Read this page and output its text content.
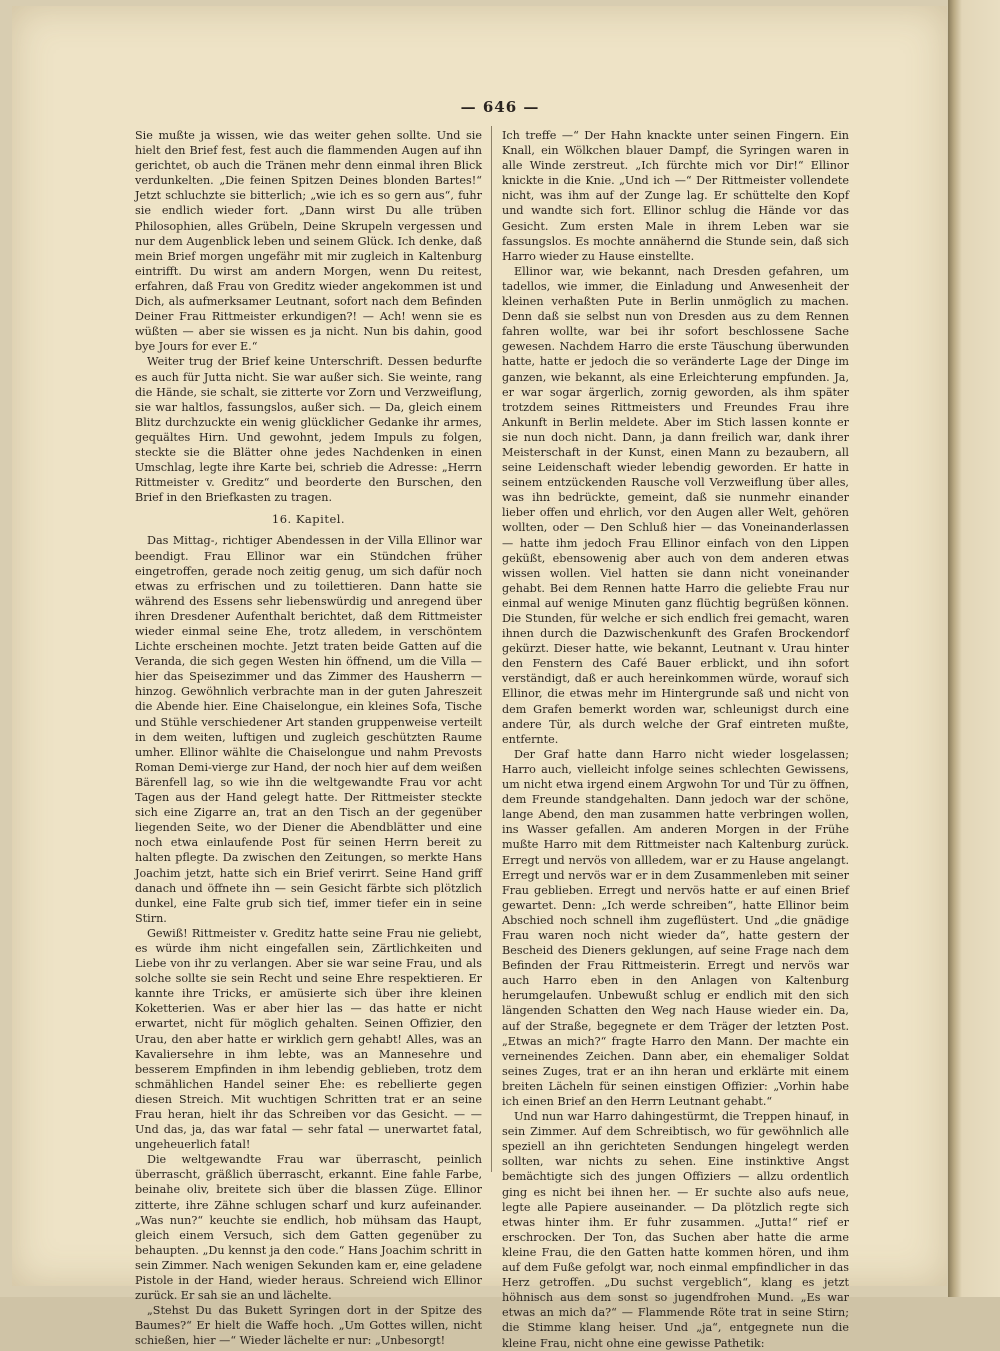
— 646 —

Sie mußte ja wissen, wie das weiter gehen sollte. Und sie hielt den Brief fest, fest auch die flammenden Augen auf ihn gerichtet, ob auch die Tränen mehr denn einmal ihren Blick verdunkelten. „Die feinen Spitzen Deines blonden Bartes!“ Jetzt schluchzte sie bitterlich; „wie ich es so gern aus“, fuhr sie endlich wieder fort. „Dann wirst Du alle trüben Philosophien, alles Grübeln, Deine Skrupeln vergessen und nur dem Augenblick leben und seinem Glück. Ich denke, daß mein Brief morgen ungefähr mit mir zugleich in Kaltenburg eintrifft. Du wirst am andern Morgen, wenn Du reitest, erfahren, daß Frau von Greditz wieder angekommen ist und Dich, als aufmerksamer Leutnant, sofort nach dem Befinden Deiner Frau Rittmeister erkundigen?! — Ach! wenn sie es wüßten — aber sie wissen es ja nicht. Nun bis dahin, good bye Jours for ever E.“

Weiter trug der Brief keine Unterschrift. Dessen bedurfte es auch für Jutta nicht. Sie war außer sich. Sie weinte, rang die Hände, sie schalt, sie zitterte vor Zorn und Verzweiflung, sie war haltlos, fassungslos, außer sich. — Da, gleich einem Blitz durchzuckte ein wenig glücklicher Gedanke ihr armes, gequältes Hirn. Und gewohnt, jedem Impuls zu folgen, steckte sie die Blätter ohne jedes Nachdenken in einen Umschlag, legte ihre Karte bei, schrieb die Adresse: „Herrn Rittmeister v. Greditz“ und beorderte den Burschen, den Brief in den Briefkasten zu tragen.

16. Kapitel.

Das Mittag-, richtiger Abendessen in der Villa Ellinor war beendigt. Frau Ellinor war ein Stündchen früher eingetroffen, gerade noch zeitig genug, um sich dafür noch etwas zu erfrischen und zu toilettieren. Dann hatte sie während des Essens sehr liebenswürdig und anregend über ihren Dresdener Aufenthalt berichtet, daß dem Rittmeister wieder einmal seine Ehe, trotz alledem, in verschöntem Lichte erscheinen mochte. Jetzt traten beide Gatten auf die Veranda, die sich gegen Westen hin öffnend, um die Villa — hier das Speisezimmer und das Zimmer des Hausherrn — hinzog. Gewöhnlich verbrachte man in der guten Jahreszeit die Abende hier. Eine Chaiselongue, ein kleines Sofa, Tische und Stühle verschiedener Art standen gruppenweise verteilt in dem weiten, luftigen und zugleich geschützten Raume umher. Ellinor wählte die Chaiselongue und nahm Prevosts Roman Demi-vierge zur Hand, der noch hier auf dem weißen Bärenfell lag, so wie ihn die weltgewandte Frau vor acht Tagen aus der Hand gelegt hatte. Der Rittmeister steckte sich eine Zigarre an, trat an den Tisch an der gegenüber liegenden Seite, wo der Diener die Abendblätter und eine noch etwa einlaufende Post für seinen Herrn bereit zu halten pflegte. Da zwischen den Zeitungen, so merkte Hans Joachim jetzt, hatte sich ein Brief verirrt. Seine Hand griff danach und öffnete ihn — sein Gesicht färbte sich plötzlich dunkel, eine Falte grub sich tief, immer tiefer ein in seine Stirn.

Gewiß! Rittmeister v. Greditz hatte seine Frau nie geliebt, es würde ihm nicht eingefallen sein, Zärtlichkeiten und Liebe von ihr zu verlangen. Aber sie war seine Frau, und als solche sollte sie sein Recht und seine Ehre respektieren. Er kannte ihre Tricks, er amüsierte sich über ihre kleinen Koketterien. Was er aber hier las — das hatte er nicht erwartet, nicht für möglich gehalten. Seinen Offizier, den Urau, den aber hatte er wirklich gern gehabt! Alles, was an Kavaliersehre in ihm lebte, was an Mannesehre und besserem Empfinden in ihm lebendig geblieben, trotz dem schmählichen Handel seiner Ehe: es rebellierte gegen diesen Streich. Mit wuchtigen Schritten trat er an seine Frau heran, hielt ihr das Schreiben vor das Gesicht. — — Und das, ja, das war fatal — sehr fatal — unerwartet fatal, ungeheuerlich fatal!

Die weltgewandte Frau war überrascht, peinlich überrascht, gräßlich überrascht, erkannt. Eine fahle Farbe, beinahe oliv, breitete sich über die blassen Züge. Ellinor zitterte, ihre Zähne schlugen scharf und kurz aufeinander. „Was nun?“ keuchte sie endlich, hob mühsam das Haupt, gleich einem Versuch, sich dem Gatten gegenüber zu behaupten. „Du kennst ja den code.“ Hans Joachim schritt in sein Zimmer. Nach wenigen Sekunden kam er, eine geladene Pistole in der Hand, wieder heraus. Schreiend wich Ellinor zurück. Er sah sie an und lächelte.

„Stehst Du das Bukett Syringen dort in der Spitze des Baumes?“ Er hielt die Waffe hoch. „Um Gottes willen, nicht schießen, hier —“ Wieder lächelte er nur: „Unbesorgt!

Ich treffe —“ Der Hahn knackte unter seinen Fingern. Ein Knall, ein Wölkchen blauer Dampf, die Syringen waren in alle Winde zerstreut. „Ich fürchte mich vor Dir!“ Ellinor knickte in die Knie. „Und ich —“ Der Rittmeister vollendete nicht, was ihm auf der Zunge lag. Er schüttelte den Kopf und wandte sich fort. Ellinor schlug die Hände vor das Gesicht. Zum ersten Male in ihrem Leben war sie fassungslos. Es mochte annähernd die Stunde sein, daß sich Harro wieder zu Hause einstellte.

Ellinor war, wie bekannt, nach Dresden gefahren, um tadellos, wie immer, die Einladung und Anwesenheit der kleinen verhaßten Pute in Berlin unmöglich zu machen. Denn daß sie selbst nun von Dresden aus zu dem Rennen fahren wollte, war bei ihr sofort beschlossene Sache gewesen. Nachdem Harro die erste Täuschung überwunden hatte, hatte er jedoch die so veränderte Lage der Dinge im ganzen, wie bekannt, als eine Erleichterung empfunden. Ja, er war sogar ärgerlich, zornig geworden, als ihm später trotzdem seines Rittmeisters und Freundes Frau ihre Ankunft in Berlin meldete. Aber im Stich lassen konnte er sie nun doch nicht. Dann, ja dann freilich war, dank ihrer Meisterschaft in der Kunst, einen Mann zu bezaubern, all seine Leidenschaft wieder lebendig geworden. Er hatte in seinem entzückenden Rausche voll Verzweiflung über alles, was ihn bedrückte, gemeint, daß sie nunmehr einander lieber offen und ehrlich, vor den Augen aller Welt, gehören wollten, oder — Den Schluß hier — das Voneinanderlassen — hatte ihm jedoch Frau Ellinor einfach von den Lippen geküßt, ebensowenig aber auch von dem anderen etwas wissen wollen. Viel hatten sie dann nicht voneinander gehabt. Bei dem Rennen hatte Harro die geliebte Frau nur einmal auf wenige Minuten ganz flüchtig begrüßen können. Die Stunden, für welche er sich endlich frei gemacht, waren ihnen durch die Dazwischenkunft des Grafen Brockendorf gekürzt. Dieser hatte, wie bekannt, Leutnant v. Urau hinter den Fenstern des Café Bauer erblickt, und ihn sofort verständigt, daß er auch hereinkommen würde, worauf sich Ellinor, die etwas mehr im Hintergrunde saß und nicht von dem Grafen bemerkt worden war, schleunigst durch eine andere Tür, als durch welche der Graf eintreten mußte, entfernte.

Der Graf hatte dann Harro nicht wieder losgelassen; Harro auch, vielleicht infolge seines schlechten Gewissens, um nicht etwa irgend einem Argwohn Tor und Tür zu öffnen, dem Freunde standgehalten. Dann jedoch war der schöne, lange Abend, den man zusammen hatte verbringen wollen, ins Wasser gefallen. Am anderen Morgen in der Frühe mußte Harro mit dem Rittmeister nach Kaltenburg zurück. Erregt und nervös von allledem, war er zu Hause angelangt. Erregt und nervös war er in dem Zusammenleben mit seiner Frau geblieben. Erregt und nervös hatte er auf einen Brief gewartet. Denn: „Ich werde schreiben“, hatte Ellinor beim Abschied noch schnell ihm zugeflüstert. Und „die gnädige Frau waren noch nicht wieder da“, hatte gestern der Bescheid des Dieners geklungen, auf seine Frage nach dem Befinden der Frau Rittmeisterin. Erregt und nervös war auch Harro eben in den Anlagen von Kaltenburg herumgelaufen. Unbewußt schlug er endlich mit den sich längenden Schatten den Weg nach Hause wieder ein. Da, auf der Straße, begegnete er dem Träger der letzten Post. „Etwas an mich?“ fragte Harro den Mann. Der machte ein verneinendes Zeichen. Dann aber, ein ehemaliger Soldat seines Zuges, trat er an ihn heran und erklärte mit einem breiten Lächeln für seinen einstigen Offizier: „Vorhin habe ich einen Brief an den Herrn Leutnant gehabt.“

Und nun war Harro dahingestürmt, die Treppen hinauf, in sein Zimmer. Auf dem Schreibtisch, wo für gewöhnlich alle speziell an ihn gerichteten Sendungen hingelegt werden sollten, war nichts zu sehen. Eine instinktive Angst bemächtigte sich des jungen Offiziers — allzu ordentlich ging es nicht bei ihnen her. — Er suchte also aufs neue, legte alle Papiere auseinander. — Da plötzlich regte sich etwas hinter ihm. Er fuhr zusammen. „Jutta!“ rief er erschrocken. Der Ton, das Suchen aber hatte die arme kleine Frau, die den Gatten hatte kommen hören, und ihm auf dem Fuße gefolgt war, noch einmal empfindlicher in das Herz getroffen. „Du suchst vergeblich“, klang es jetzt höhnisch aus dem sonst so jugendfrohen Mund. „Es war etwas an mich da?“ — Flammende Röte trat in seine Stirn; die Stimme klang heiser. Und „ja“, entgegnete nun die kleine Frau, nicht ohne eine gewisse Pathetik:
